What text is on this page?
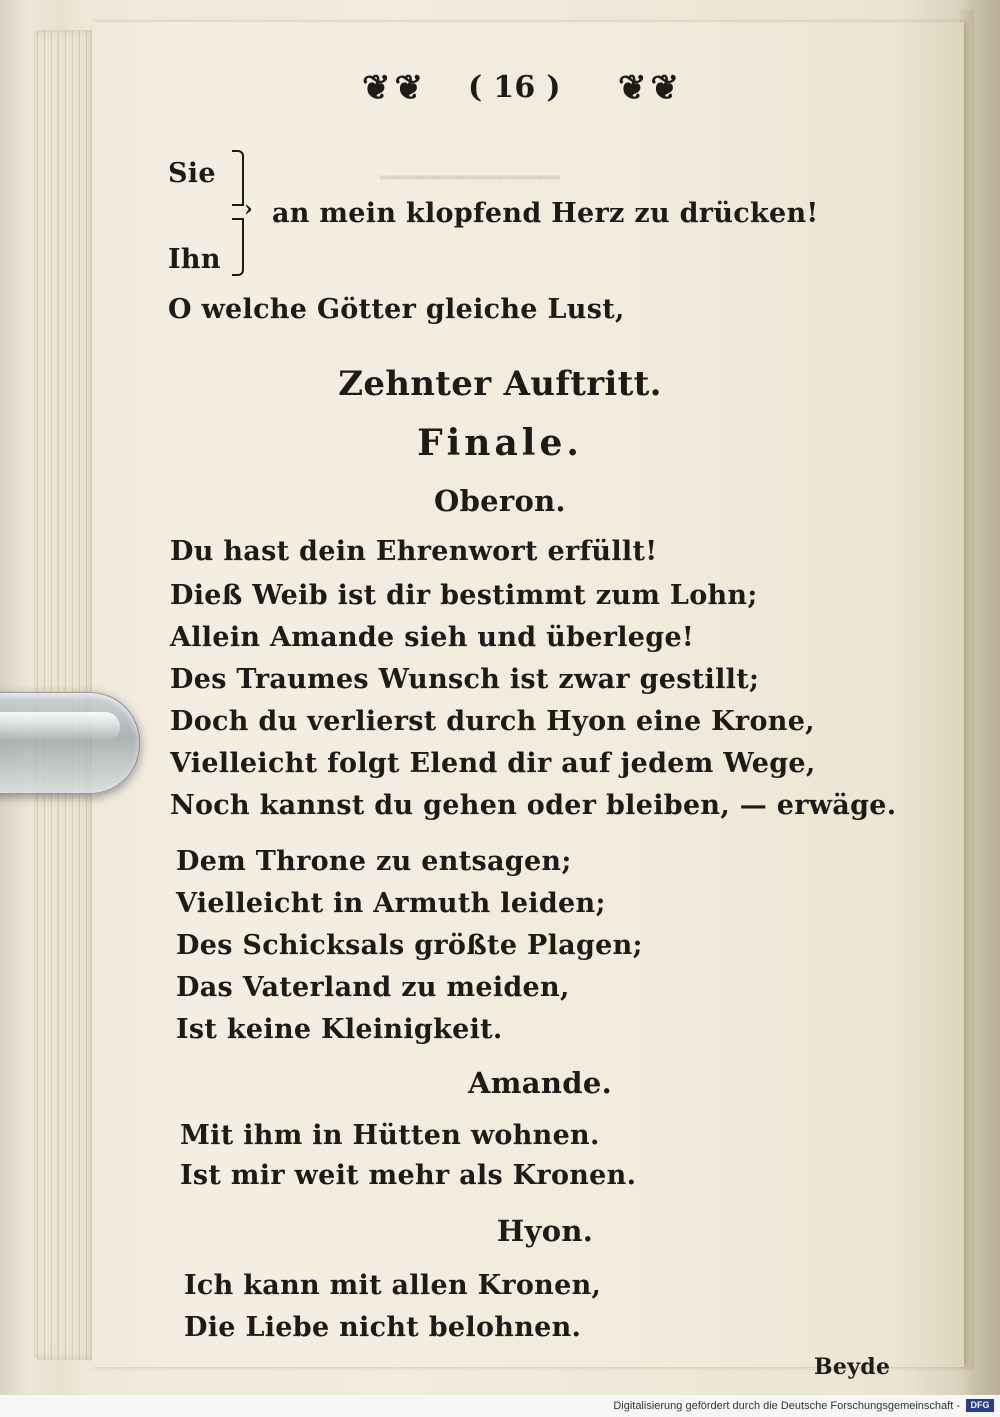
▁▁▁▁▁▁▁▁▁
❦❦ ( 16 ) ❦❦
Sie
Ihn
› an mein klopfend Herz zu drücken!
O welche Götter gleiche Lust,
Zehnter Auftritt.
Finale.
Oberon.
Du hast dein Ehrenwort erfüllt!
Dieß Weib ist dir bestimmt zum Lohn;
Allein Amande sieh und überlege!
Des Traumes Wunsch ist zwar gestillt;
Doch du verlierst durch Hyon eine Krone,
Vielleicht folgt Elend dir auf jedem Wege,
Noch kannst du gehen oder bleiben, — erwäge.
Dem Throne zu entsagen;
Vielleicht in Armuth leiden;
Des Schicksals größte Plagen;
Das Vaterland zu meiden,
Ist keine Kleinigkeit.
Amande.
Mit ihm in Hütten wohnen.
Ist mir weit mehr als Kronen.
Hyon.
Ich kann mit allen Kronen,
Die Liebe nicht belohnen.
Beyde
Digitalisierung gefördert durch die Deutsche Forschungsgemeinschaft -	DFG
